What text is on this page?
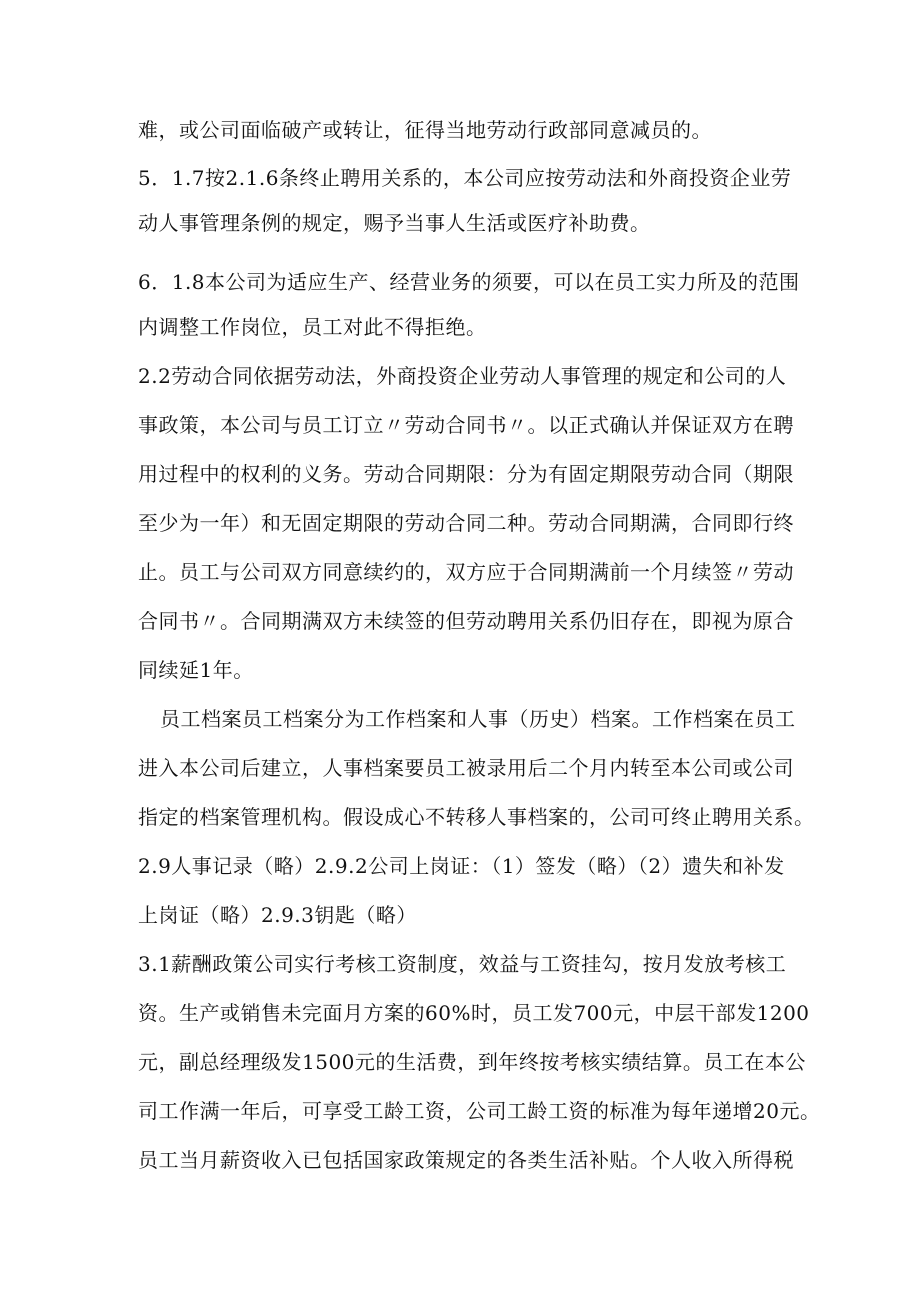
难，或公司面临破产或转让，征得当地劳动行政部同意减员的。
5．1.7按2.1.6条终止聘用关系的，本公司应按劳动法和外商投资企业劳
动人事管理条例的规定，赐予当事人生活或医疗补助费。
6．1.8本公司为适应生产、经营业务的须要，可以在员工实力所及的范围
内调整工作岗位，员工对此不得拒绝。
2.2劳动合同依据劳动法，外商投资企业劳动人事管理的规定和公司的人
事政策，本公司与员工订立〃劳动合同书〃。以正式确认并保证双方在聘
用过程中的权利的义务。劳动合同期限：分为有固定期限劳动合同（期限
至少为一年）和无固定期限的劳动合同二种。劳动合同期满，合同即行终
止。员工与公司双方同意续约的，双方应于合同期满前一个月续签〃劳动
合同书〃。合同期满双方未续签的但劳动聘用关系仍旧存在，即视为原合
同续延1年。
员工档案员工档案分为工作档案和人事（历史）档案。工作档案在员工
进入本公司后建立，人事档案要员工被录用后二个月内转至本公司或公司
指定的档案管理机构。假设成心不转移人事档案的，公司可终止聘用关系。
2.9人事记录（略）2.9.2公司上岗证：（1）签发（略）（2）遗失和补发
上岗证（略）2.9.3钥匙（略）
3.1薪酬政策公司实行考核工资制度，效益与工资挂勾，按月发放考核工
资。生产或销售未完面月方案的60%时，员工发700元，中层干部发1200
元，副总经理级发1500元的生活费，到年终按考核实绩结算。员工在本公
司工作满一年后，可享受工龄工资，公司工龄工资的标准为每年递增20元。
员工当月薪资收入已包括国家政策规定的各类生活补贴。个人收入所得税
